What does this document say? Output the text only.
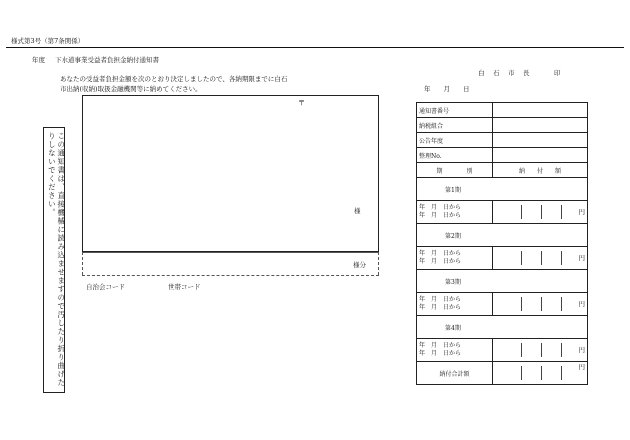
様式第3号（第7条関係）
年度 下水道事業受益者負担金納付通知書
白　石　市　長	印
年　　月　　日
あなたの受益者負担金額を次のとおり決定しましたので、各納期限までに白石
市出納(収納)取扱金融機関等に納めてください。
この通知書は、直接機械に読み込ませますので汚したり折り曲げたりしないでください。
〒
様
様分
自治会コード	世帯コード
通知書番号	
納税組合	
公告年度	
整理No.	
期　　　　別	納　　付　　額
第1期	

年　月　日から
年　月　日から	円

第2期	

年　月　日から
年　月　日から	円

第3期	

年　月　日から
年　月　日から	円

第4期	

年　月　日から
年　月　日から	円

納付合計額	円
